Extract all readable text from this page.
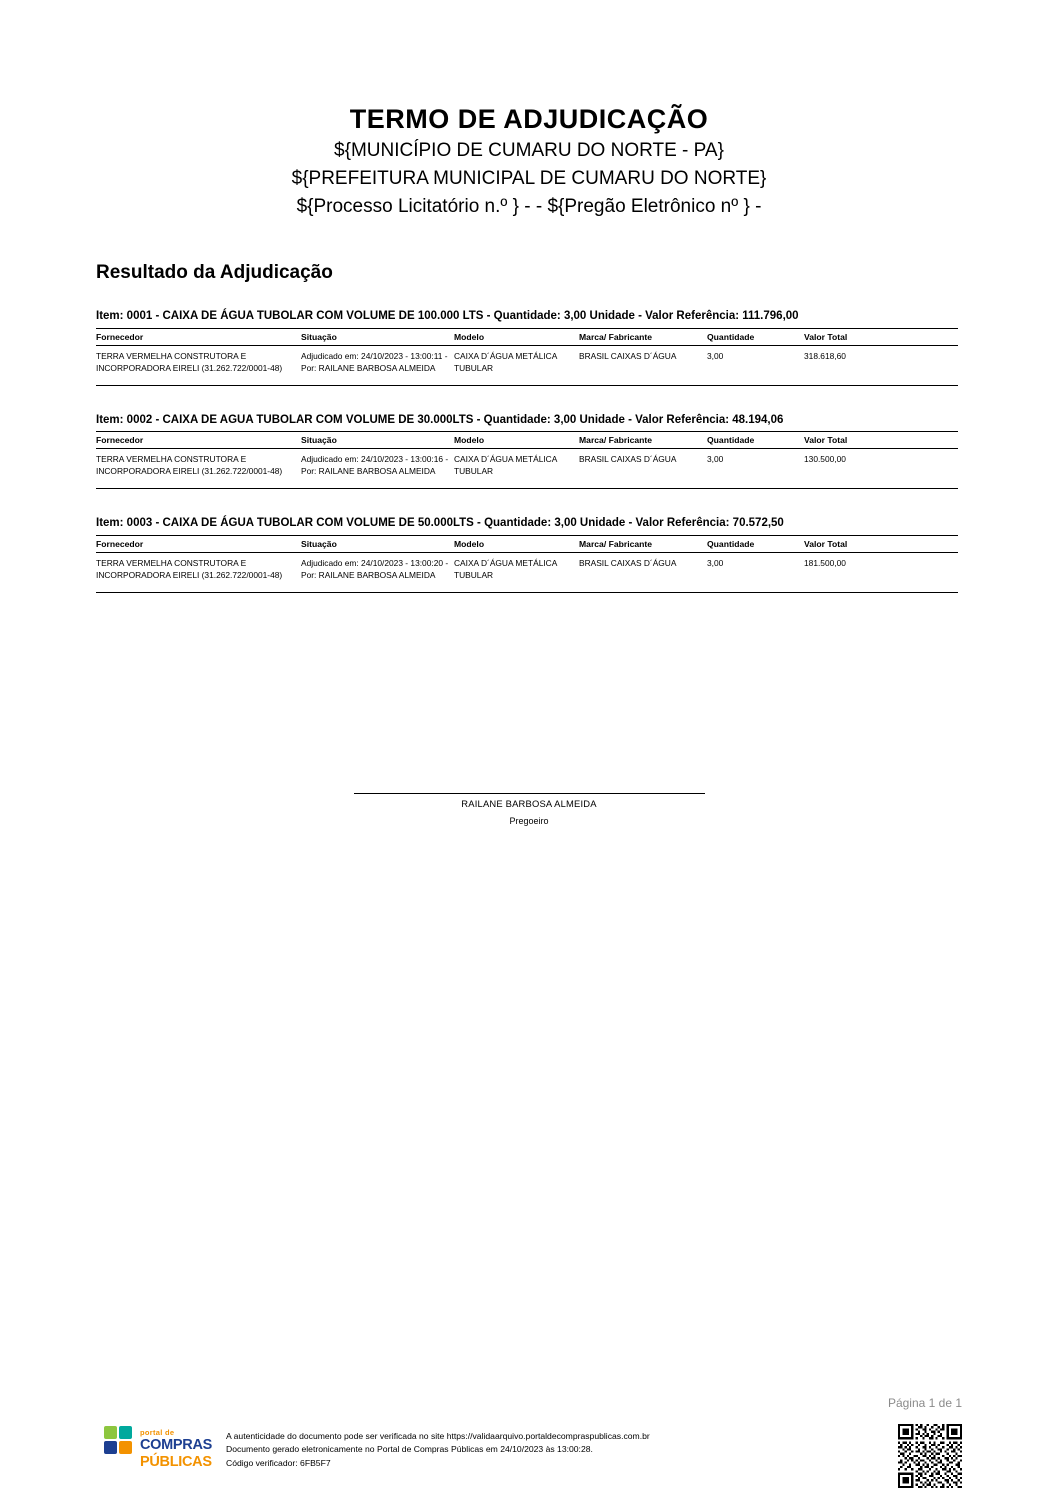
TERMO DE ADJUDICAÇÃO
${MUNICÍPIO DE CUMARU DO NORTE - PA}
${PREFEITURA MUNICIPAL DE CUMARU DO NORTE}
${Processo Licitatório n.º } - - ${Pregão Eletrônico nº } -
Resultado da Adjudicação

Item: 0001 - CAIXA DE ÁGUA TUBOLAR COM VOLUME DE 100.000 LTS - Quantidade: 3,00 Unidade - Valor Referência: 111.796,00

Fornecedor	Situação	Modelo	Marca/ Fabricante	Quantidade	Valor Total
TERRA VERMELHA CONSTRUTORA E INCORPORADORA EIRELI (31.262.722/0001-48)	Adjudicado em: 24/10/2023 - 13:00:11 - Por: RAILANE BARBOSA ALMEIDA	CAIXA D´ÁGUA METÁLICA TUBULAR	BRASIL CAIXAS D´ÁGUA	3,00	318.618,60

Item: 0002 - CAIXA DE AGUA TUBOLAR COM VOLUME DE 30.000LTS - Quantidade: 3,00 Unidade - Valor Referência: 48.194,06

Fornecedor	Situação	Modelo	Marca/ Fabricante	Quantidade	Valor Total
TERRA VERMELHA CONSTRUTORA E INCORPORADORA EIRELI (31.262.722/0001-48)	Adjudicado em: 24/10/2023 - 13:00:16 - Por: RAILANE BARBOSA ALMEIDA	CAIXA D´ÁGUA METÁLICA TUBULAR	BRASIL CAIXAS D´ÁGUA	3,00	130.500,00

Item: 0003 - CAIXA DE ÁGUA TUBOLAR COM VOLUME DE 50.000LTS - Quantidade: 3,00 Unidade - Valor Referência: 70.572,50

Fornecedor	Situação	Modelo	Marca/ Fabricante	Quantidade	Valor Total
TERRA VERMELHA CONSTRUTORA E INCORPORADORA EIRELI (31.262.722/0001-48)	Adjudicado em: 24/10/2023 - 13:00:20 - Por: RAILANE BARBOSA ALMEIDA	CAIXA D´ÁGUA METÁLICA TUBULAR	BRASIL CAIXAS D´ÁGUA	3,00	181.500,00
RAILANE BARBOSA ALMEIDA
Pregoeiro
Página 1 de 1
portal de
COMPRAS
PÚBLICAS
A autenticidade do documento pode ser verificada no site https://validaarquivo.portaldecompraspublicas.com.br
Documento gerado eletronicamente no Portal de Compras Públicas em 24/10/2023 às 13:00:28.
Código verificador: 6FB5F7
